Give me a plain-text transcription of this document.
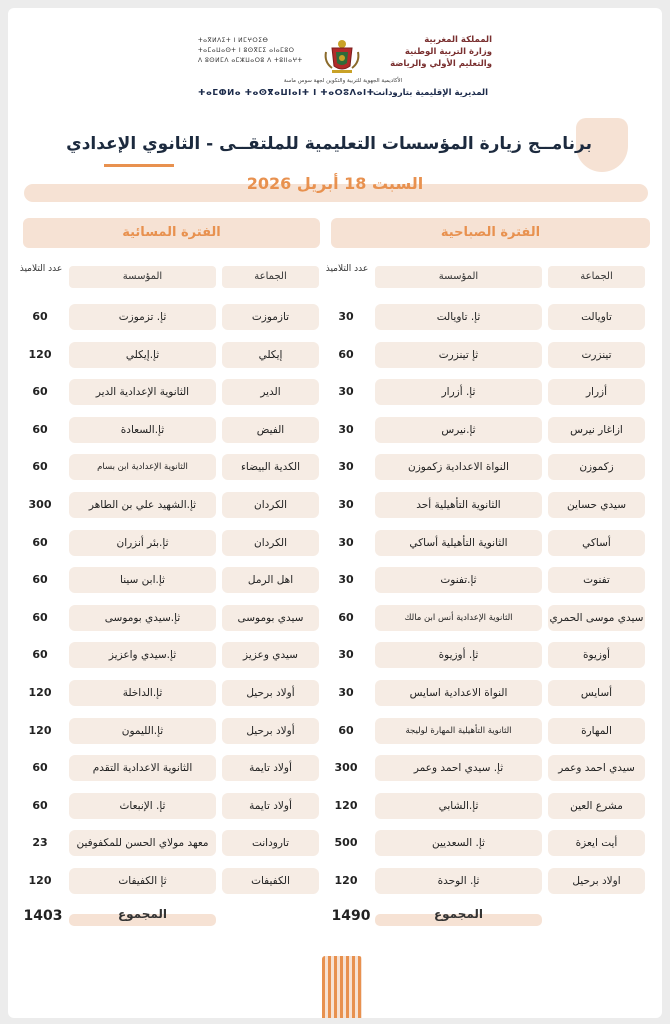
المملكة المغربية
وزارة التربية الوطنية
والتعليم الأولي والرياضة
ⵜⴰⴳⵍⴷⵉⵜ ⵏ ⵍⵎⵖⵔⵉⴱ
ⵜⴰⵎⴰⵡⴰⵙⵜ ⵏ ⵓⵙⴳⵎⵉ ⴰⵏⴰⵎⵓⵔ
ⴷ ⵓⵙⵍⵎⴷ ⴰⵎⵣⵡⴰⵔⵓ ⴷ ⵜⵓⵏⵏⴰⵖⵜ
الأكاديمية الجهوية للتربية والتكوين لجهة سوس ماسة
المديرية الإقليمية بتارودانت
ⵜⴰⵎⵀⵍⴰ ⵜⴰⵙⴳⴰⵡⵏⴰⵏⵜ ⵏ ⵜⴰⵔⵓⴷⴰⵏⵜ
برنامــج زيارة المؤسسات التعليمية للملتقــى - الثانوي الإعدادي
السبت 18 أبريل 2026
الفترة الصباحية
الفترة المسائية
الجماعة
المؤسسة
عدد التلاميذ
الجماعة
المؤسسة
عدد التلاميذ
تاويالت
ثإ. تاويالت
30
تينزرت
ثإ تينزرت
60
أزرار
ثإ. أزرار
30
ازاغار نيرس
ثإ.نيرس
30
زكموزن
النواة الاعدادية زكموزن
30
سيدي حساين
الثانوية التأهيلية أحد
30
أساكي
الثانوية التأهيلية أساكي
30
تفنوت
ثإ.تفنوت
30
سيدي موسى الحمري
الثانوية الإعدادية أنس ابن مالك
60
أوزيوة
ثإ. أوزيوة
30
أسايس
النواة الاعدادية اسايس
30
المهارة
الثانوية التأهيلية المهارة لوليجة
60
سيدي احمد وعمر
ثإ. سيدي احمد وعمر
300
مشرع العين
ثإ.الشابي
120
أيت ايعزة
ثإ. السعديين
500
اولاد برحيل
ثإ. الوحدة
120
تازموزت
ثإ. تزموزت
60
إيكلي
ثإ.إيكلي
120
الدير
الثانوية الإعدادية الدير
60
الفيض
ثإ.السعادة
60
الكدية البيضاء
الثانوية الإعدادية ابن بسام
60
الكردان
ثإ.الشهيد علي بن الطاهر
300
الكردان
ثإ.بئر أنزران
60
اهل الرمل
ثإ.ابن سينا
60
سيدي بوموسى
ثإ.سيدي بوموسى
60
سيدي وعزيز
ثإ.سيدي واعزيز
60
أولاد برحيل
ثإ.الداخلة
120
أولاد برحيل
ثإ.الليمون
120
أولاد تايمة
الثانوية الاعدادية التقدم
60
أولاد تايمة
ثإ. الإنبعاث
60
تارودانت
معهد مولاي الحسن للمكفوفين
23
الكفيفات
ثإ الكفيفات
120
المجموع
1490
المجموع
1403
